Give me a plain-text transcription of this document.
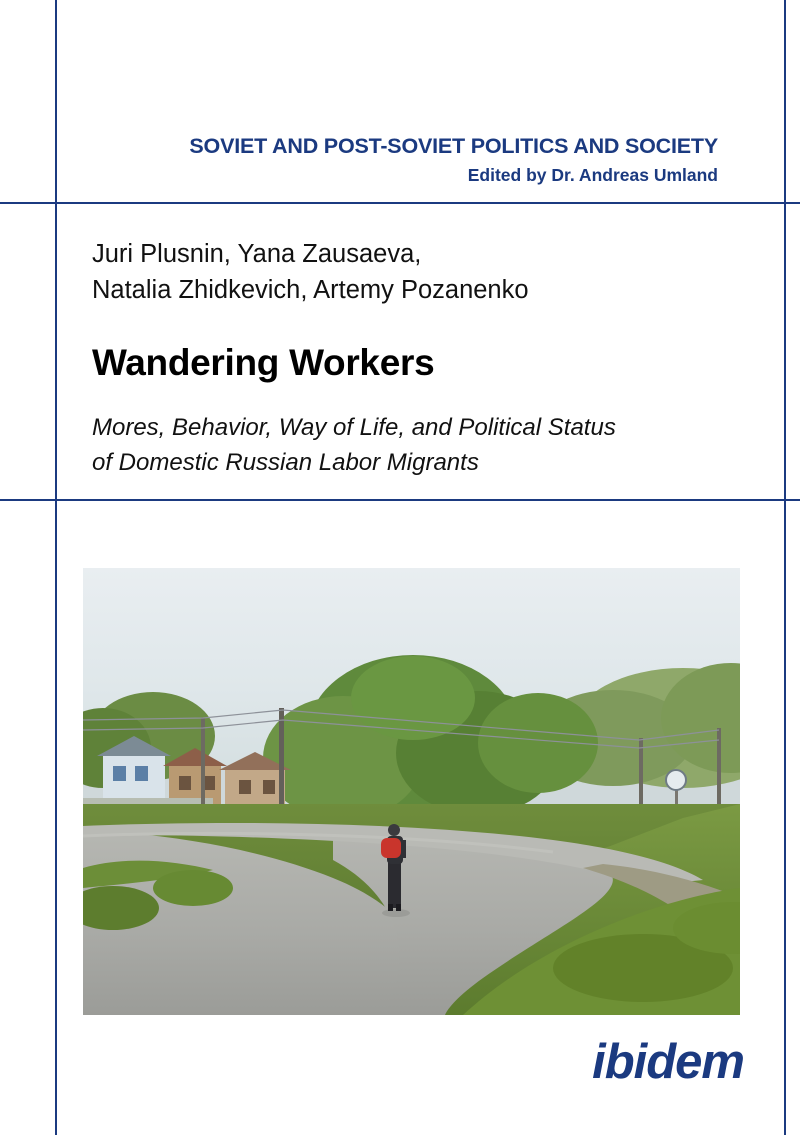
SOVIET AND POST-SOVIET POLITICS AND SOCIETY
Edited by Dr. Andreas Umland
Juri Plusnin, Yana Zausaeva,
Natalia Zhidkevich, Artemy Pozanenko
Wandering Workers
Mores, Behavior, Way of Life, and Political Status
of Domestic Russian Labor Migrants
ibidem
